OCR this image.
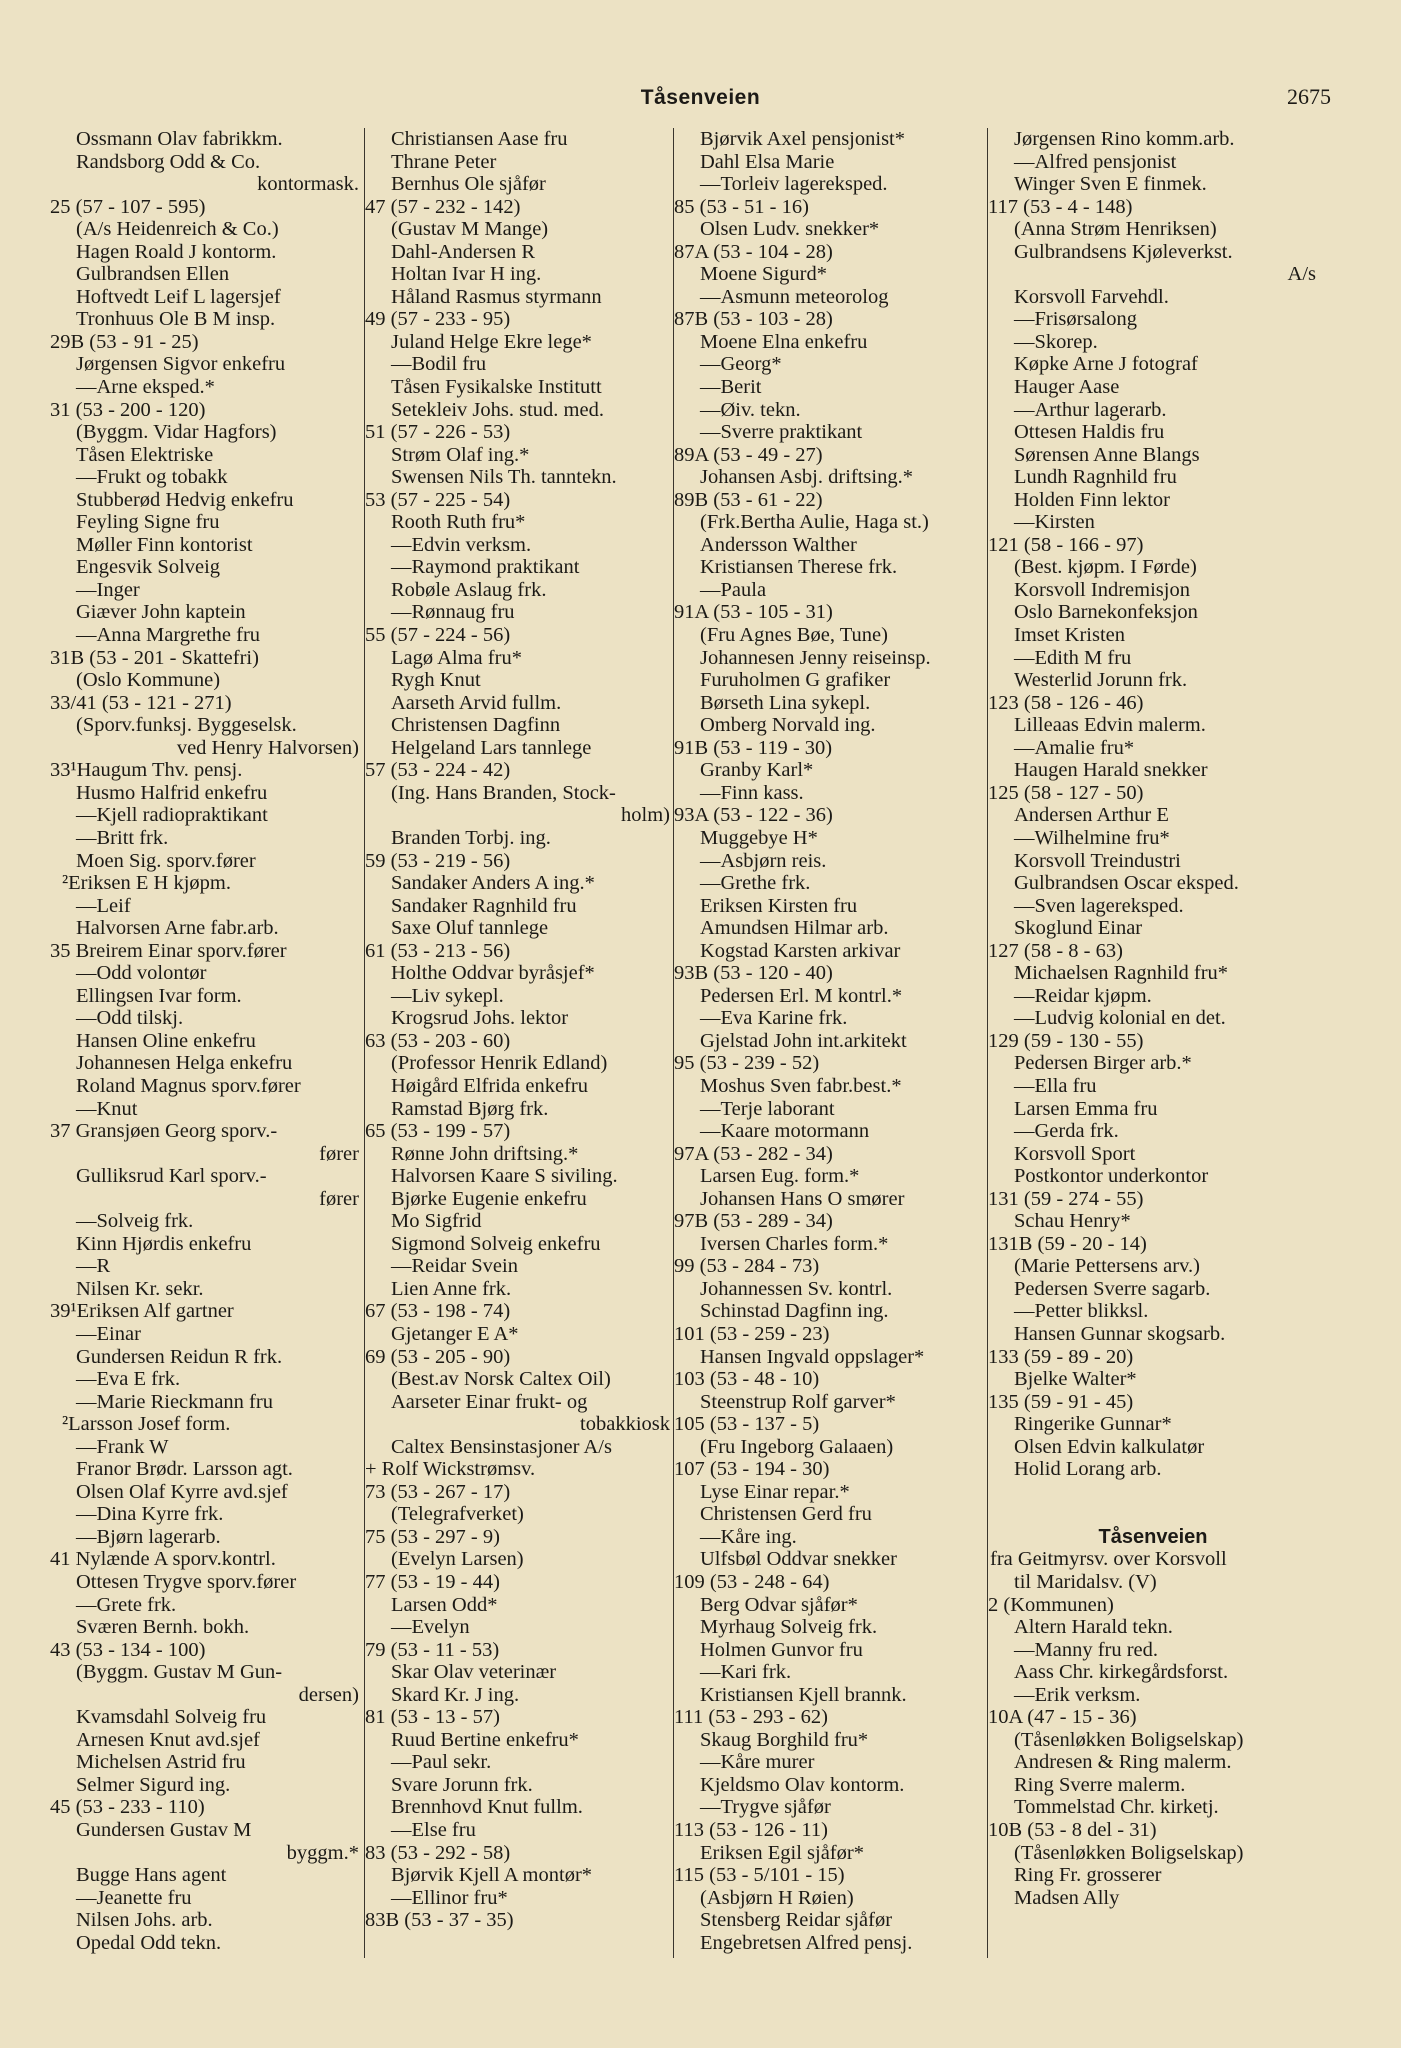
Tåsenveien	2675
Ossmann Olav fabrikkm.
Randsborg Odd & Co.
kontormask.
25 (57 - 107 - 595)
(A/s Heidenreich & Co.)
Hagen Roald J kontorm.
Gulbrandsen Ellen
Hoftvedt Leif L lagersjef
Tronhuus Ole B M insp.
29B (53 - 91 - 25)
Jørgensen Sigvor enkefru
—Arne eksped.*
31 (53 - 200 - 120)
(Byggm. Vidar Hagfors)
Tåsen Elektriske
—Frukt og tobakk
Stubberød Hedvig enkefru
Feyling Signe fru
Møller Finn kontorist
Engesvik Solveig
—Inger
Giæver John kaptein
—Anna Margrethe fru
31B (53 - 201 - Skattefri)
(Oslo Kommune)
33/41 (53 - 121 - 271)
(Sporv.funksj. Byggeselsk.
ved Henry Halvorsen)
33¹Haugum Thv. pensj.
Husmo Halfrid enkefru
—Kjell radiopraktikant
—Britt frk.
Moen Sig. sporv.fører
²Eriksen E H kjøpm.
—Leif
Halvorsen Arne fabr.arb.
35 Breirem Einar sporv.fører
—Odd volontør
Ellingsen Ivar form.
—Odd tilskj.
Hansen Oline enkefru
Johannesen Helga enkefru
Roland Magnus sporv.fører
—Knut
37 Gransjøen Georg sporv.-
fører
Gulliksrud Karl sporv.-
fører
—Solveig frk.
Kinn Hjørdis enkefru
—R
Nilsen Kr. sekr.
39¹Eriksen Alf gartner
—Einar
Gundersen Reidun R frk.
—Eva E frk.
—Marie Rieckmann fru
²Larsson Josef form.
—Frank W
Franor Brødr. Larsson agt.
Olsen Olaf Kyrre avd.sjef
—Dina Kyrre frk.
—Bjørn lagerarb.
41 Nylænde A sporv.kontrl.
Ottesen Trygve sporv.fører
—Grete frk.
Sværen Bernh. bokh.
43 (53 - 134 - 100)
(Byggm. Gustav M Gun-
dersen)
Kvamsdahl Solveig fru
Arnesen Knut avd.sjef
Michelsen Astrid fru
Selmer Sigurd ing.
45 (53 - 233 - 110)
Gundersen Gustav M
byggm.*
Bugge Hans agent
—Jeanette fru
Nilsen Johs. arb.
Opedal Odd tekn.
Christiansen Aase fru
Thrane Peter
Bernhus Ole sjåfør
47 (57 - 232 - 142)
(Gustav M Mange)
Dahl-Andersen R
Holtan Ivar H ing.
Håland Rasmus styrmann
49 (57 - 233 - 95)
Juland Helge Ekre lege*
—Bodil fru
Tåsen Fysikalske Institutt
Setekleiv Johs. stud. med.
51 (57 - 226 - 53)
Strøm Olaf ing.*
Swensen Nils Th. tanntekn.
53 (57 - 225 - 54)
Rooth Ruth fru*
—Edvin verksm.
—Raymond praktikant
Robøle Aslaug frk.
—Rønnaug fru
55 (57 - 224 - 56)
Lagø Alma fru*
Rygh Knut
Aarseth Arvid fullm.
Christensen Dagfinn
Helgeland Lars tannlege
57 (53 - 224 - 42)
(Ing. Hans Branden, Stock-
holm)
Branden Torbj. ing.
59 (53 - 219 - 56)
Sandaker Anders A ing.*
Sandaker Ragnhild fru
Saxe Oluf tannlege
61 (53 - 213 - 56)
Holthe Oddvar byråsjef*
—Liv sykepl.
Krogsrud Johs. lektor
63 (53 - 203 - 60)
(Professor Henrik Edland)
Høigård Elfrida enkefru
Ramstad Bjørg frk.
65 (53 - 199 - 57)
Rønne John driftsing.*
Halvorsen Kaare S siviling.
Bjørke Eugenie enkefru
Mo Sigfrid
Sigmond Solveig enkefru
—Reidar Svein
Lien Anne frk.
67 (53 - 198 - 74)
Gjetanger E A*
69 (53 - 205 - 90)
(Best.av Norsk Caltex Oil)
Aarseter Einar frukt- og
tobakkiosk
Caltex Bensinstasjoner A/s
+ Rolf Wickstrømsv.
73 (53 - 267 - 17)
(Telegrafverket)
75 (53 - 297 - 9)
(Evelyn Larsen)
77 (53 - 19 - 44)
Larsen Odd*
—Evelyn
79 (53 - 11 - 53)
Skar Olav veterinær
Skard Kr. J ing.
81 (53 - 13 - 57)
Ruud Bertine enkefru*
—Paul sekr.
Svare Jorunn frk.
Brennhovd Knut fullm.
—Else fru
83 (53 - 292 - 58)
Bjørvik Kjell A montør*
—Ellinor fru*
83B (53 - 37 - 35)
Bjørvik Axel pensjonist*
Dahl Elsa Marie
—Torleiv lagereksped.
85 (53 - 51 - 16)
Olsen Ludv. snekker*
87A (53 - 104 - 28)
Moene Sigurd*
—Asmunn meteorolog
87B (53 - 103 - 28)
Moene Elna enkefru
—Georg*
—Berit
—Øiv. tekn.
—Sverre praktikant
89A (53 - 49 - 27)
Johansen Asbj. driftsing.*
89B (53 - 61 - 22)
(Frk.Bertha Aulie, Haga st.)
Andersson Walther
Kristiansen Therese frk.
—Paula
91A (53 - 105 - 31)
(Fru Agnes Bøe, Tune)
Johannesen Jenny reiseinsp.
Furuholmen G grafiker
Børseth Lina sykepl.
Omberg Norvald ing.
91B (53 - 119 - 30)
Granby Karl*
—Finn kass.
93A (53 - 122 - 36)
Muggebye H*
—Asbjørn reis.
—Grethe frk.
Eriksen Kirsten fru
Amundsen Hilmar arb.
Kogstad Karsten arkivar
93B (53 - 120 - 40)
Pedersen Erl. M kontrl.*
—Eva Karine frk.
Gjelstad John int.arkitekt
95 (53 - 239 - 52)
Moshus Sven fabr.best.*
—Terje laborant
—Kaare motormann
97A (53 - 282 - 34)
Larsen Eug. form.*
Johansen Hans O smører
97B (53 - 289 - 34)
Iversen Charles form.*
99 (53 - 284 - 73)
Johannessen Sv. kontrl.
Schinstad Dagfinn ing.
101 (53 - 259 - 23)
Hansen Ingvald oppslager*
103 (53 - 48 - 10)
Steenstrup Rolf garver*
105 (53 - 137 - 5)
(Fru Ingeborg Galaaen)
107 (53 - 194 - 30)
Lyse Einar repar.*
Christensen Gerd fru
—Kåre ing.
Ulfsbøl Oddvar snekker
109 (53 - 248 - 64)
Berg Odvar sjåfør*
Myrhaug Solveig frk.
Holmen Gunvor fru
—Kari frk.
Kristiansen Kjell brannk.
111 (53 - 293 - 62)
Skaug Borghild fru*
—Kåre murer
Kjeldsmo Olav kontorm.
—Trygve sjåfør
113 (53 - 126 - 11)
Eriksen Egil sjåfør*
115 (53 - 5/101 - 15)
(Asbjørn H Røien)
Stensberg Reidar sjåfør
Engebretsen Alfred pensj.
Jørgensen Rino komm.arb.
—Alfred pensjonist
Winger Sven E finmek.
117 (53 - 4 - 148)
(Anna Strøm Henriksen)
Gulbrandsens Kjøleverkst.
A/s
Korsvoll Farvehdl.
—Frisørsalong
—Skorep.
Køpke Arne J fotograf
Hauger Aase
—Arthur lagerarb.
Ottesen Haldis fru
Sørensen Anne Blangs
Lundh Ragnhild fru
Holden Finn lektor
—Kirsten
121 (58 - 166 - 97)
(Best. kjøpm. I Førde)
Korsvoll Indremisjon
Oslo Barnekonfeksjon
Imset Kristen
—Edith M fru
Westerlid Jorunn frk.
123 (58 - 126 - 46)
Lilleaas Edvin malerm.
—Amalie fru*
Haugen Harald snekker
125 (58 - 127 - 50)
Andersen Arthur E
—Wilhelmine fru*
Korsvoll Treindustri
Gulbrandsen Oscar eksped.
—Sven lagereksped.
Skoglund Einar
127 (58 - 8 - 63)
Michaelsen Ragnhild fru*
—Reidar kjøpm.
—Ludvig kolonial en det.
129 (59 - 130 - 55)
Pedersen Birger arb.*
—Ella fru
Larsen Emma fru
—Gerda frk.
Korsvoll Sport
Postkontor underkontor
131 (59 - 274 - 55)
Schau Henry*
131B (59 - 20 - 14)
(Marie Pettersens arv.)
Pedersen Sverre sagarb.
—Petter blikksl.
Hansen Gunnar skogsarb.
133 (59 - 89 - 20)
Bjelke Walter*
135 (59 - 91 - 45)
Ringerike Gunnar*
Olsen Edvin kalkulatør
Holid Lorang arb.
Tåsenveien
fra Geitmyrsv. over Korsvoll
til Maridalsv. (V)
2 (Kommunen)
Altern Harald tekn.
—Manny fru red.
Aass Chr. kirkegårdsforst.
—Erik verksm.
10A (47 - 15 - 36)
(Tåsenløkken Boligselskap)
Andresen & Ring malerm.
Ring Sverre malerm.
Tommelstad Chr. kirketj.
10B (53 - 8 del - 31)
(Tåsenløkken Boligselskap)
Ring Fr. grosserer
Madsen Ally
